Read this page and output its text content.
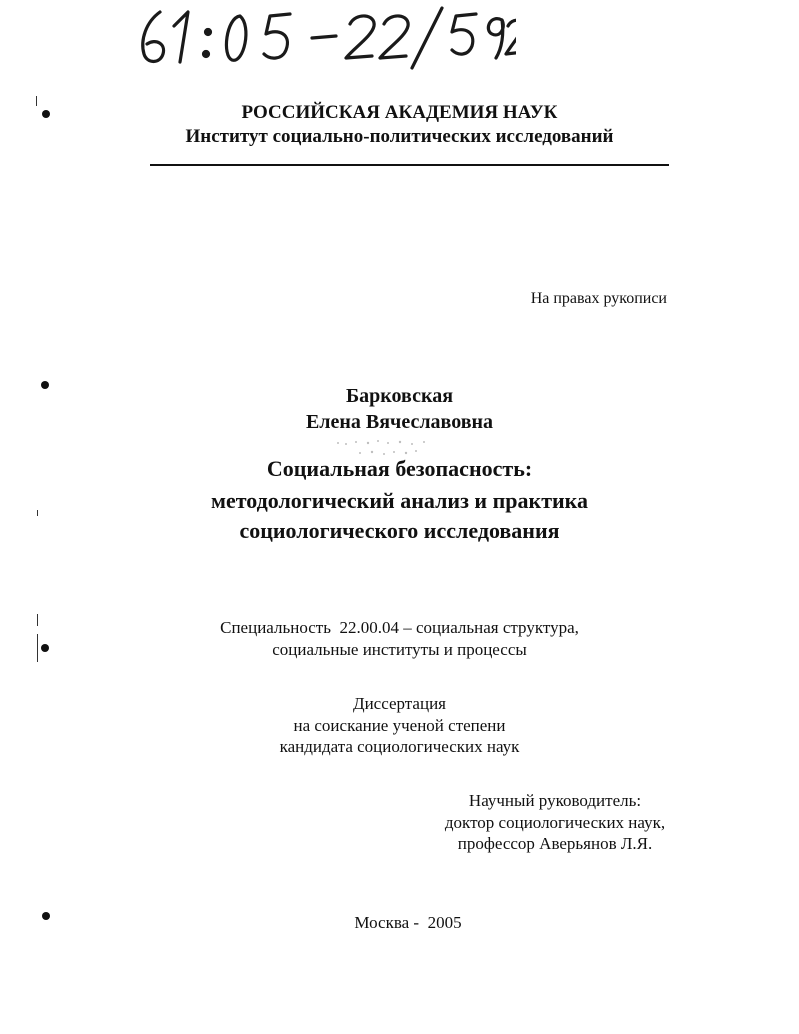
РОССИЙСКАЯ АКАДЕМИЯ НАУК
Институт социально-политических исследований
На правах рукописи
Барковская
Елена Вячеславовна
Социальная безопасность:
методологический анализ и практика
социологического исследования
Специальность  22.00.04 – социальная структура,
социальные институты и процессы
Диссертация
на соискание ученой степени
кандидата социологических наук
Научный руководитель:
доктор социологических наук,
профессор Аверьянов Л.Я.
Москва -  2005
